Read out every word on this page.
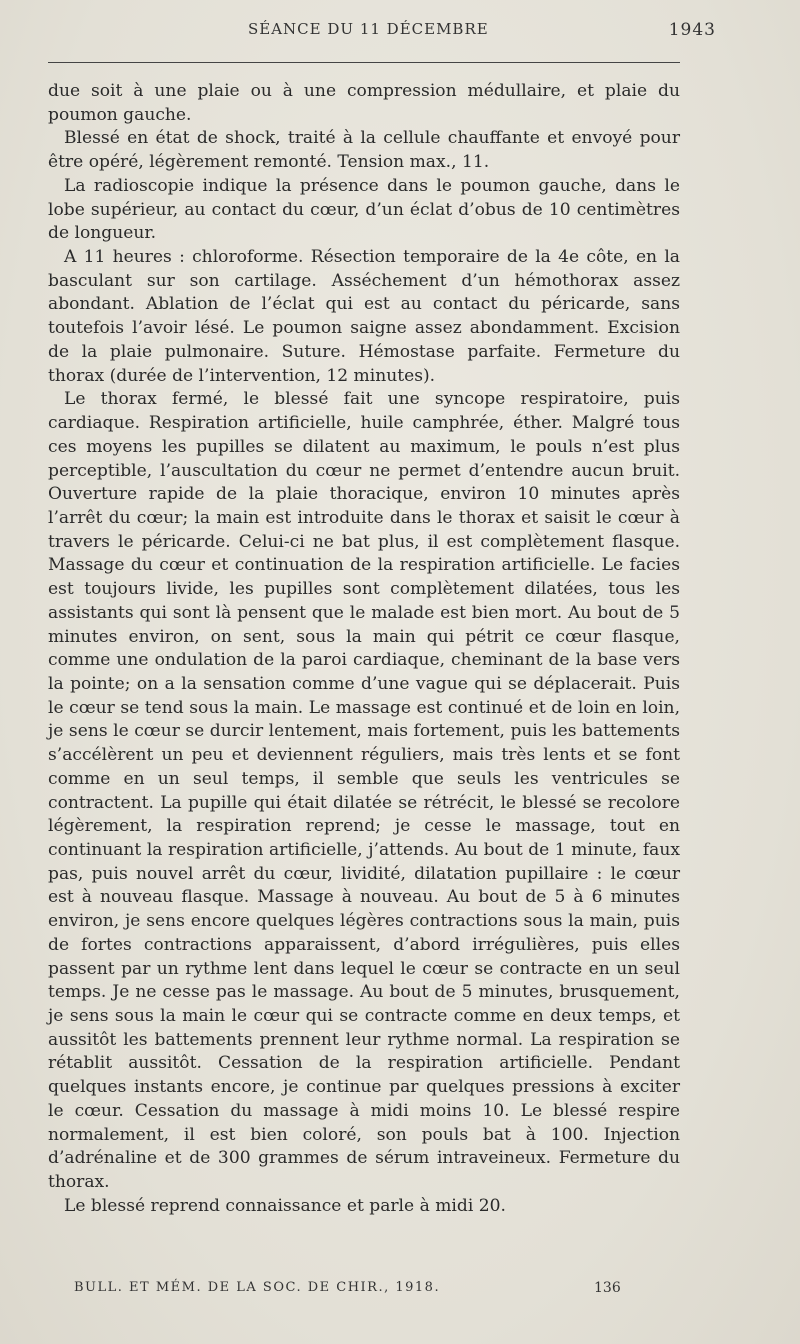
SÉANCE DU 11 DÉCEMBRE	1943

due soit à une plaie ou à une compression médullaire, et plaie du poumon gauche.

Blessé en état de shock, traité à la cellule chauffante et envoyé pour être opéré, légèrement remonté. Tension max., 11.

La radioscopie indique la présence dans le poumon gauche, dans le lobe supérieur, au contact du cœur, d’un éclat d’obus de 10 centimètres de longueur.

A 11 heures : chloroforme. Résection temporaire de la 4e côte, en la basculant sur son cartilage. Asséchement d’un hémothorax assez abondant. Ablation de l’éclat qui est au contact du péricarde, sans toutefois l’avoir lésé. Le poumon saigne assez abondamment. Excision de la plaie pulmonaire. Suture. Hémostase parfaite. Fermeture du thorax (durée de l’intervention, 12 minutes).

Le thorax fermé, le blessé fait une syncope respiratoire, puis cardiaque. Respiration artificielle, huile camphrée, éther. Malgré tous ces moyens les pupilles se dilatent au maximum, le pouls n’est plus perceptible, l’auscultation du cœur ne permet d’entendre aucun bruit. Ouverture rapide de la plaie thoracique, environ 10 minutes après l’arrêt du cœur; la main est introduite dans le thorax et saisit le cœur à travers le péricarde. Celui-ci ne bat plus, il est complètement flasque. Massage du cœur et continuation de la respiration artificielle. Le facies est toujours livide, les pupilles sont complètement dilatées, tous les assistants qui sont là pensent que le malade est bien mort. Au bout de 5 minutes environ, on sent, sous la main qui pétrit ce cœur flasque, comme une ondulation de la paroi cardiaque, cheminant de la base vers la pointe; on a la sensation comme d’une vague qui se déplacerait. Puis le cœur se tend sous la main. Le massage est continué et de loin en loin, je sens le cœur se durcir lentement, mais fortement, puis les battements s’accélèrent un peu et deviennent réguliers, mais très lents et se font comme en un seul temps, il semble que seuls les ventricules se contractent. La pupille qui était dilatée se rétrécit, le blessé se recolore légèrement, la respiration reprend; je cesse le massage, tout en continuant la respiration artificielle, j’attends. Au bout de 1 minute, faux pas, puis nouvel arrêt du cœur, lividité, dilatation pupillaire : le cœur est à nouveau flasque. Massage à nouveau. Au bout de 5 à 6 minutes environ, je sens encore quelques légères contractions sous la main, puis de fortes contractions apparaissent, d’abord irrégulières, puis elles passent par un rythme lent dans lequel le cœur se contracte en un seul temps. Je ne cesse pas le massage. Au bout de 5 minutes, brusquement, je sens sous la main le cœur qui se contracte comme en deux temps, et aussitôt les battements prennent leur rythme normal. La respiration se rétablit aussitôt. Cessation de la respiration artificielle. Pendant quelques instants encore, je continue par quelques pressions à exciter le cœur. Cessation du massage à midi moins 10. Le blessé respire normalement, il est bien coloré, son pouls bat à 100. Injection d’adrénaline et de 300 grammes de sérum intraveineux. Fermeture du thorax.

Le blessé reprend connaissance et parle à midi 20.

BULL. ET MÉM. DE LA SOC. DE CHIR., 1918.	136
